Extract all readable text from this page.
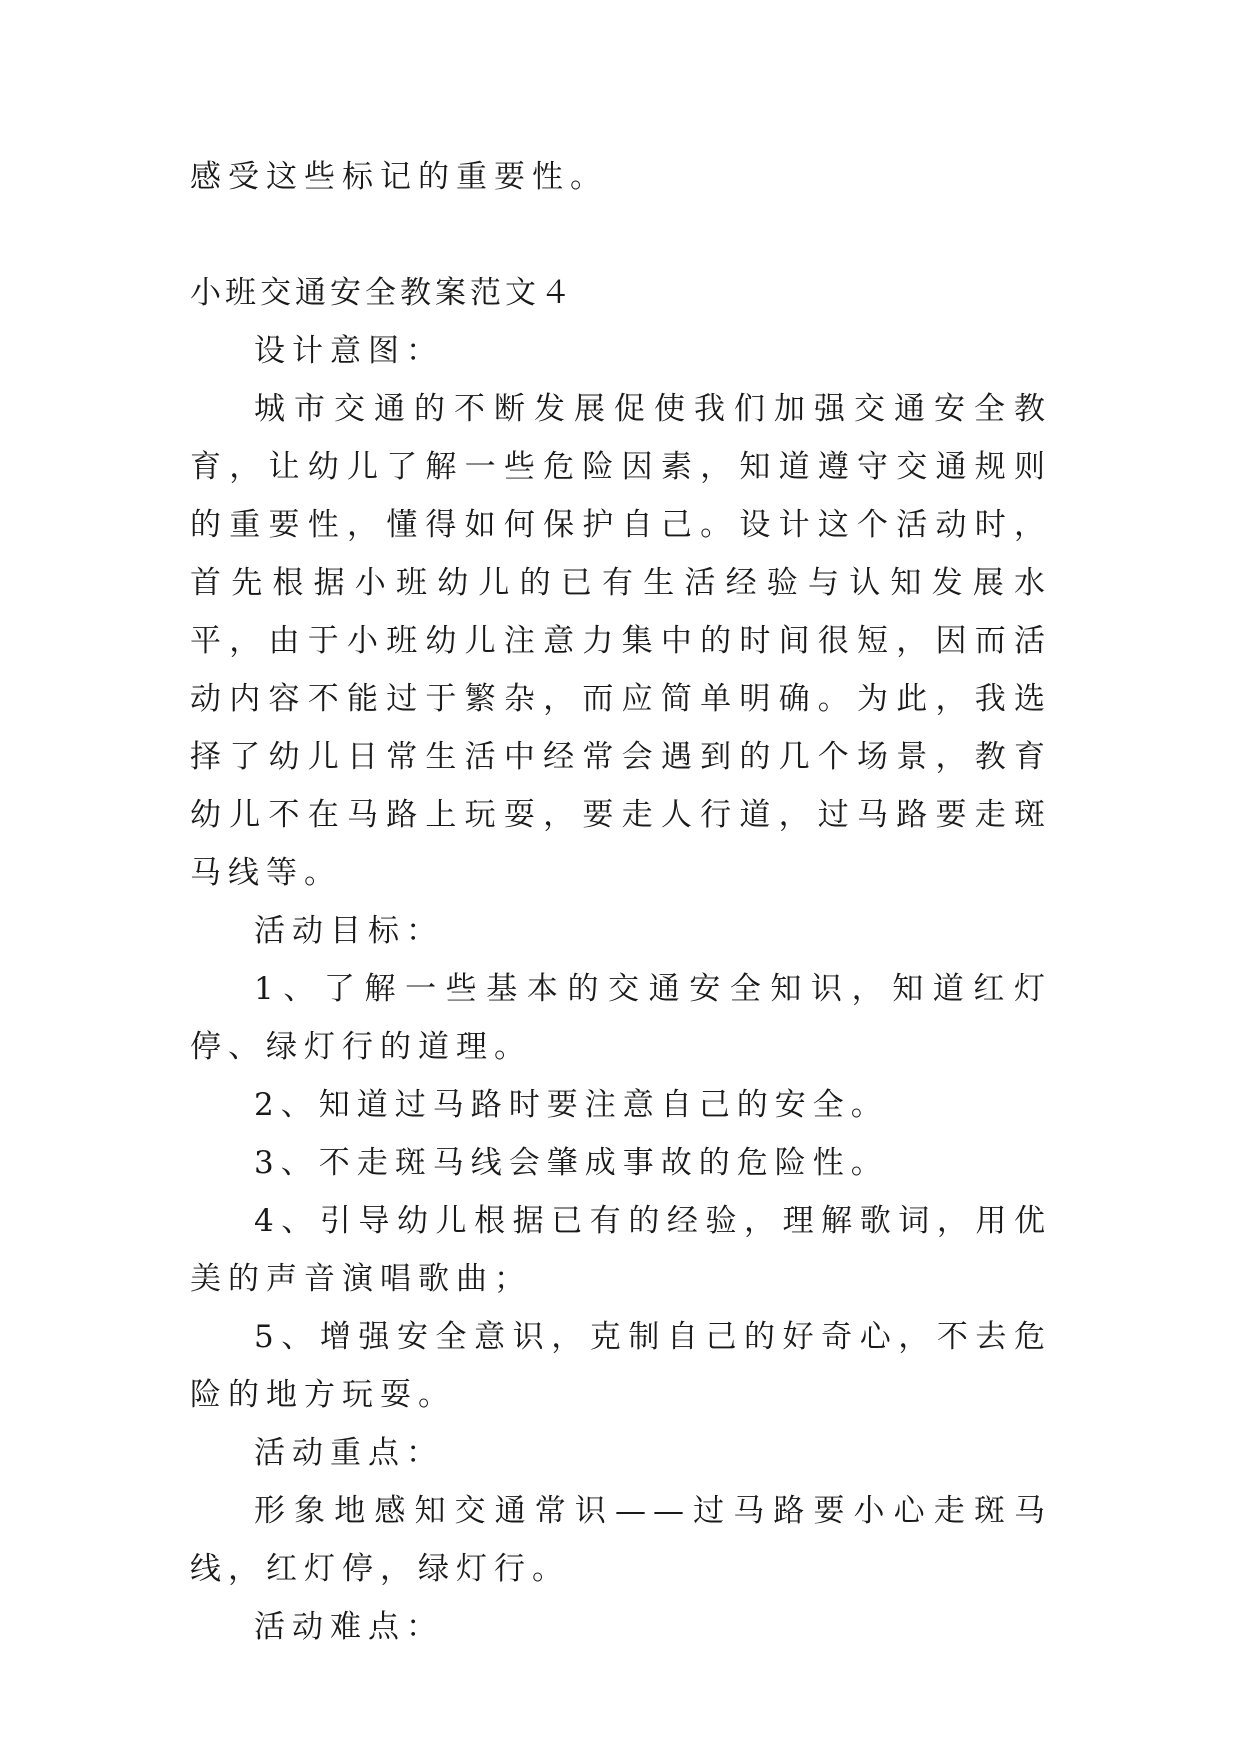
感受这些标记的重要性。

小班交通安全教案范文４

设计意图：

城市交通的不断发展促使我们加强交通安全教育，让幼儿了解一些危险因素，知道遵守交通规则的重要性，懂得如何保护自己。设计这个活动时，首先根据小班幼儿的已有生活经验与认知发展水平，由于小班幼儿注意力集中的时间很短，因而活动内容不能过于繁杂，而应简单明确。为此，我选择了幼儿日常生活中经常会遇到的几个场景，教育幼儿不在马路上玩耍，要走人行道，过马路要走斑马线等。

活动目标：

1、了解一些基本的交通安全知识，知道红灯停、绿灯行的道理。

2、知道过马路时要注意自己的安全。

3、不走斑马线会肇成事故的危险性。

4、引导幼儿根据已有的经验，理解歌词，用优美的声音演唱歌曲；

5、增强安全意识，克制自己的好奇心，不去危险的地方玩耍。

活动重点：

形象地感知交通常识——过马路要小心走斑马线，红灯停，绿灯行。

活动难点：
